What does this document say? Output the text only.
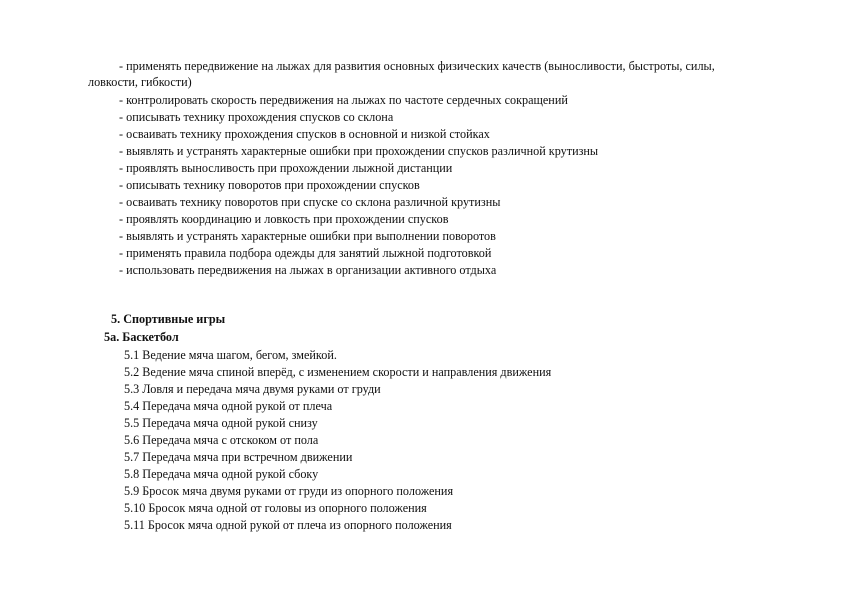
- применять передвижение на лыжах для развития основных физических качеств (выносливости, быстроты, силы,
ловкости, гибкости)
- контролировать скорость передвижения на лыжах по частоте сердечных сокращений
- описывать технику прохождения спусков со склона
- осваивать технику прохождения спусков в основной и низкой стойках
- выявлять и устранять характерные ошибки при прохождении спусков различной крутизны
- проявлять выносливость при прохождении лыжной дистанции
- описывать технику поворотов при прохождении спусков
- осваивать технику поворотов при спуске со склона различной крутизны
- проявлять координацию и ловкость при прохождении спусков
- выявлять и устранять характерные ошибки при выполнении поворотов
- применять правила подбора одежды для занятий лыжной подготовкой
- использовать передвижения на лыжах в организации активного отдыха
5. Спортивные игры
5а. Баскетбол
5.1 Ведение мяча шагом, бегом, змейкой.
5.2 Ведение мяча спиной вперёд, с изменением скорости и направления движения
5.3 Ловля и передача мяча двумя руками от груди
5.4 Передача мяча одной рукой от плеча
5.5 Передача мяча одной рукой снизу
5.6 Передача мяча с отскоком от пола
5.7 Передача мяча при встречном движении
5.8 Передача мяча одной рукой сбоку
5.9 Бросок мяча двумя руками от груди из опорного положения
5.10 Бросок мяча одной от головы из опорного положения
5.11 Бросок мяча одной рукой от плеча из опорного положения
